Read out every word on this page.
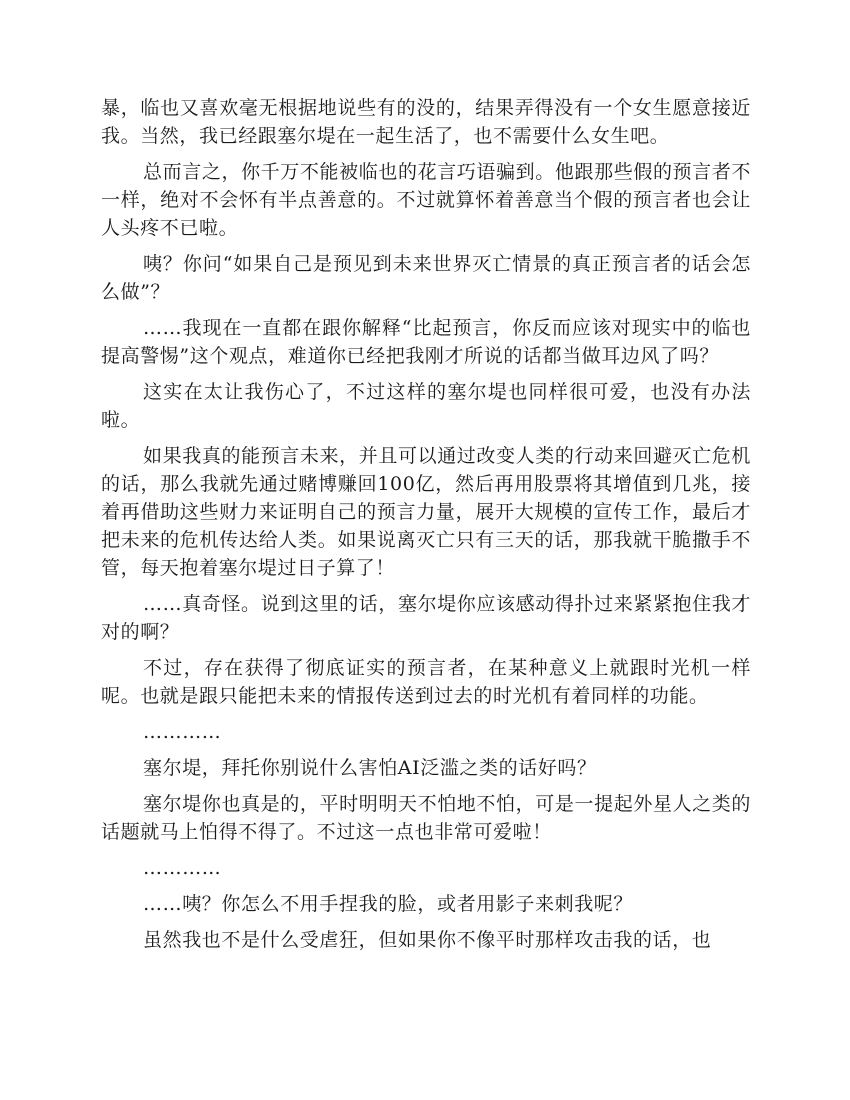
暴，临也又喜欢毫无根据地说些有的没的，结果弄得没有一个女生愿意接近我。当然，我已经跟塞尔堤在一起生活了，也不需要什么女生吧。

总而言之，你千万不能被临也的花言巧语骗到。他跟那些假的预言者不一样，绝对不会怀有半点善意的。不过就算怀着善意当个假的预言者也会让人头疼不已啦。

咦？你问“如果自己是预见到未来世界灭亡情景的真正预言者的话会怎么做”？

……我现在一直都在跟你解释“比起预言，你反而应该对现实中的临也提高警惕”这个观点，难道你已经把我刚才所说的话都当做耳边风了吗？

这实在太让我伤心了，不过这样的塞尔堤也同样很可爱，也没有办法啦。

如果我真的能预言未来，并且可以通过改变人类的行动来回避灭亡危机的话，那么我就先通过赌博赚回100亿，然后再用股票将其增值到几兆，接着再借助这些财力来证明自己的预言力量，展开大规模的宣传工作，最后才把未来的危机传达给人类。如果说离灭亡只有三天的话，那我就干脆撒手不管，每天抱着塞尔堤过日子算了！

……真奇怪。说到这里的话，塞尔堤你应该感动得扑过来紧紧抱住我才对的啊？

不过，存在获得了彻底证实的预言者，在某种意义上就跟时光机一样呢。也就是跟只能把未来的情报传送到过去的时光机有着同样的功能。

…………

塞尔堤，拜托你别说什么害怕AI泛滥之类的话好吗？

塞尔堤你也真是的，平时明明天不怕地不怕，可是一提起外星人之类的话题就马上怕得不得了。不过这一点也非常可爱啦！

…………

……咦？你怎么不用手捏我的脸，或者用影子来刺我呢？

虽然我也不是什么受虐狂，但如果你不像平时那样攻击我的话，也
